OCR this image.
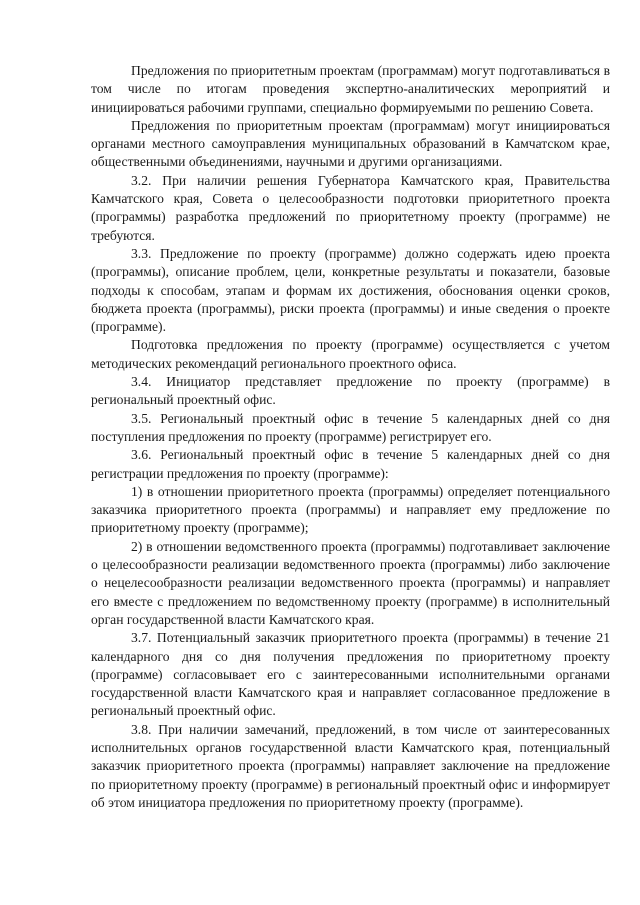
Предложения по приоритетным проектам (программам) могут подготавливаться в том числе по итогам проведения экспертно-аналитических мероприятий и инициироваться рабочими группами, специально формируемыми по решению Совета.

Предложения по приоритетным проектам (программам) могут инициироваться органами местного самоуправления муниципальных образований в Камчатском крае, общественными объединениями, научными и другими организациями.

3.2. При наличии решения Губернатора Камчатского края, Правительства Камчатского края, Совета о целесообразности подготовки приоритетного проекта (программы) разработка предложений по приоритетному проекту (программе) не требуются.

3.3. Предложение по проекту (программе) должно содержать идею проекта (программы), описание проблем, цели, конкретные результаты и показатели, базовые подходы к способам, этапам и формам их достижения, обоснования оценки сроков, бюджета проекта (программы), риски проекта (программы) и иные сведения о проекте (программе).

Подготовка предложения по проекту (программе) осуществляется с учетом методических рекомендаций регионального проектного офиса.

3.4. Инициатор представляет предложение по проекту (программе) в региональный проектный офис.

3.5. Региональный проектный офис в течение 5 календарных дней со дня поступления предложения по проекту (программе) регистрирует его.

3.6. Региональный проектный офис в течение 5 календарных дней со дня регистрации предложения по проекту (программе):

1) в отношении приоритетного проекта (программы) определяет потенциального заказчика приоритетного проекта (программы) и направляет ему предложение по приоритетному проекту (программе);

2) в отношении ведомственного проекта (программы) подготавливает заключение о целесообразности реализации ведомственного проекта (программы) либо заключение о нецелесообразности реализации ведомственного проекта (программы) и направляет его вместе с предложением по ведомственному проекту (программе) в исполнительный орган государственной власти Камчатского края.

3.7. Потенциальный заказчик приоритетного проекта (программы) в течение 21 календарного дня со дня получения предложения по приоритетному проекту (программе) согласовывает его с заинтересованными исполнительными органами государственной власти Камчатского края и направляет согласованное предложение в региональный проектный офис.

3.8. При наличии замечаний, предложений, в том числе от заинтересованных исполнительных органов государственной власти Камчатского края, потенциальный заказчик приоритетного проекта (программы) направляет заключение на предложение по приоритетному проекту (программе) в региональный проектный офис и информирует об этом инициатора предложения по приоритетному проекту (программе).
